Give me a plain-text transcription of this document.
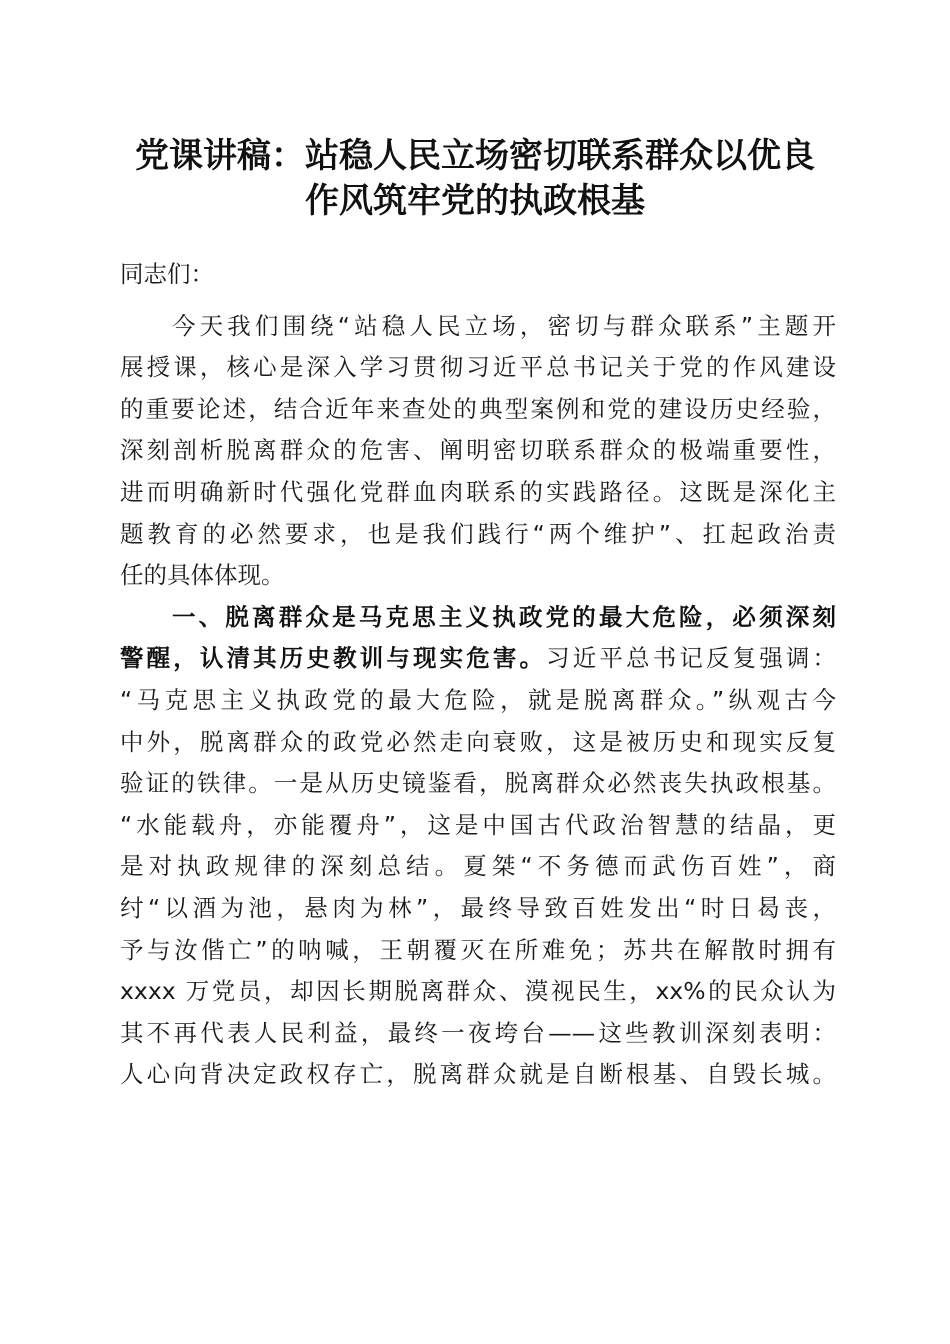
党课讲稿：站稳人民立场密切联系群众以优良
作风筑牢党的执政根基
同志们：
今天我们围绕“站稳人民立场，密切与群众联系”主题开
展授课，核心是深入学习贯彻习近平总书记关于党的作风建设
的重要论述，结合近年来查处的典型案例和党的建设历史经验，
深刻剖析脱离群众的危害、阐明密切联系群众的极端重要性，
进而明确新时代强化党群血肉联系的实践路径。这既是深化主
题教育的必然要求，也是我们践行“两个维护”、扛起政治责
任的具体体现。
一、脱离群众是马克思主义执政党的最大危险，必须深刻
警醒，认清其历史教训与现实危害。习近平总书记反复强调：
“马克思主义执政党的最大危险，就是脱离群众。”纵观古今
中外，脱离群众的政党必然走向衰败，这是被历史和现实反复
验证的铁律。一是从历史镜鉴看，脱离群众必然丧失执政根基。
“水能载舟，亦能覆舟”，这是中国古代政治智慧的结晶，更
是对执政规律的深刻总结。夏桀“不务德而武伤百姓”，商
纣“以酒为池，悬肉为林”，最终导致百姓发出“时日曷丧，
予与汝偕亡”的呐喊，王朝覆灭在所难免；苏共在解散时拥有
xxxx 万党员，却因长期脱离群众、漠视民生，xx%的民众认为
其不再代表人民利益，最终一夜垮台——这些教训深刻表明：
人心向背决定政权存亡，脱离群众就是自断根基、自毁长城。
